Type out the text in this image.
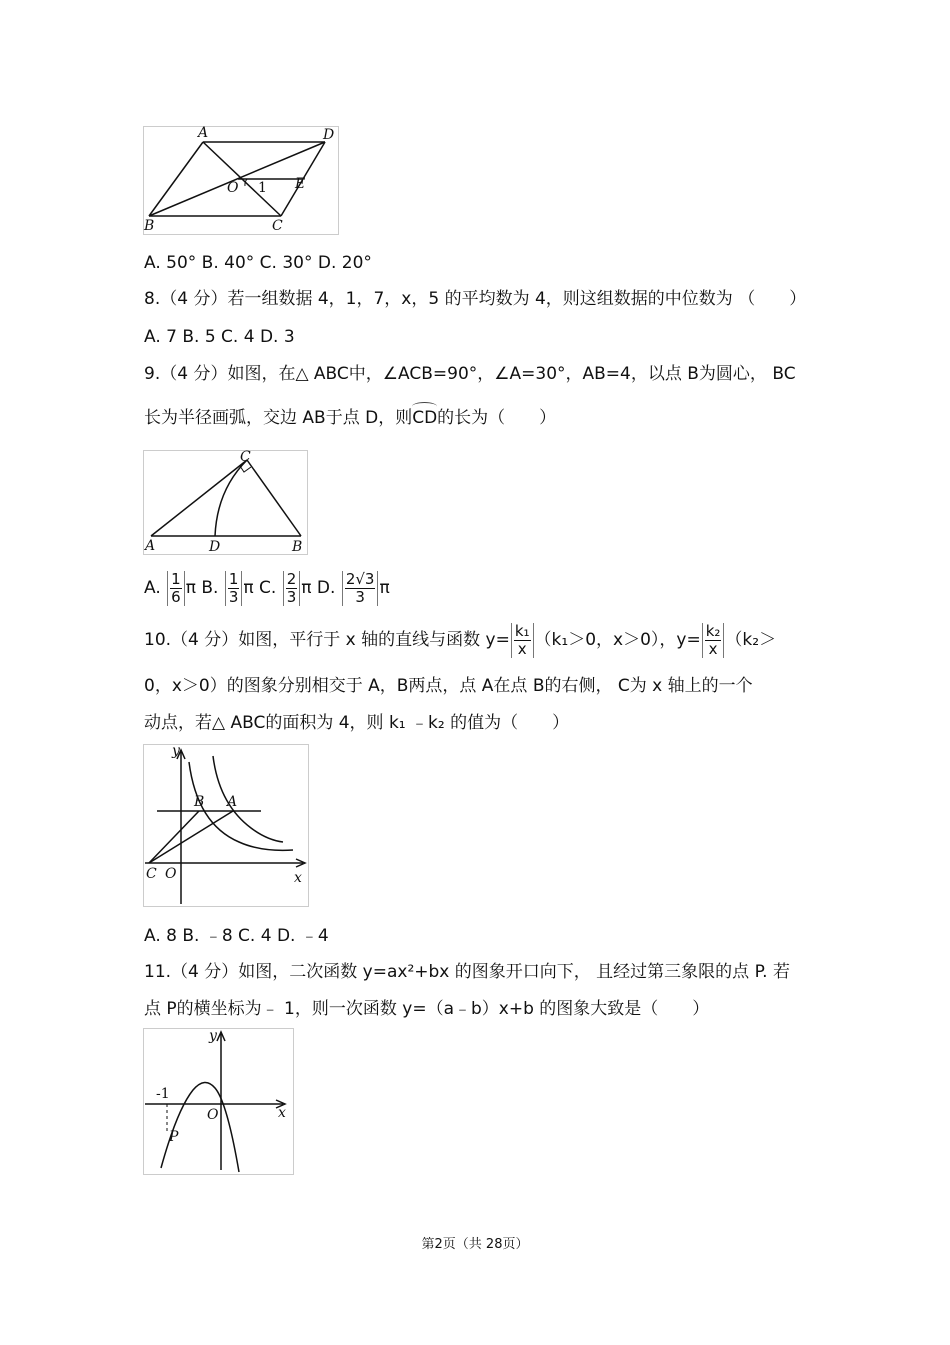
A	D
O 1 E
B	C
A. 50° B. 40° C. 30° D. 20°
8.（4 分）若一组数据 4，1，7，x，5 的平均数为 4，则这组数据的中位数为 （　　）
A. 7 B. 5 C. 4 D. 3
9.（4 分）如图，在△ ABC中，∠ACB=90°，∠A=30°，AB=4，以点 B为圆心， BC
长为半径画弧，交边 AB于点 D，则CD的长为（　　）
C
A	D	B
A. $\frac{1}{6}$ π B. $\frac{1}{3}$ π C. $\frac{2}{3}$ π D. $\frac{2√3}{3}$ π
10.（4 分）如图，平行于 x 轴的直线与函数 $y= \frac{\text{k₁}}{x} (k_1>0$，x＞0），$y= \frac{\text{k₂}}{x} (k_2>$
0，x＞0）的图象分别相交于 A，B两点，点 A在点 B的右侧， C为 x 轴上的一个
动点，若△ ABC的面积为 4，则 k₁ ﹣k₂ 的值为（　　）
y
B A
C O	x
A. 8 B. ﹣8 C. 4 D. ﹣4
11.（4 分）如图，二次函数 y=ax²+bx 的图象开口向下， 且经过第三象限的点 P. 若
点 P的横坐标为﹣ 1，则一次函数 y=（a﹣b）x+b 的图象大致是（　　）
y
-1
O	x
P
第2页（共 28页）
